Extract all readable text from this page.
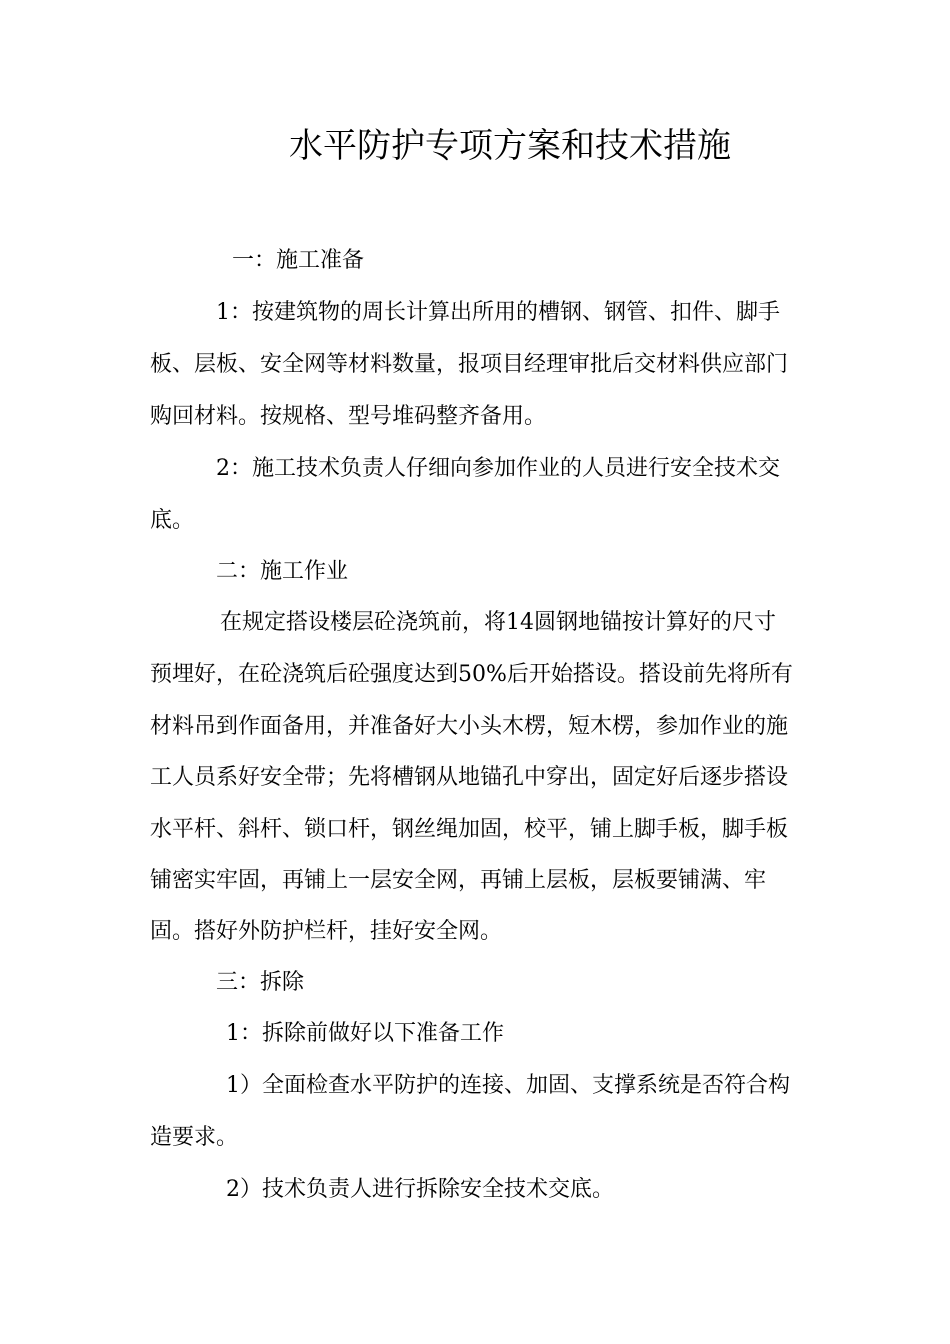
水平防护专项方案和技术措施
一：施工准备
1：按建筑物的周长计算出所用的槽钢、钢管、扣件、脚手
板、层板、安全网等材料数量，报项目经理审批后交材料供应部门
购回材料。按规格、型号堆码整齐备用。
2：施工技术负责人仔细向参加作业的人员进行安全技术交
底。
二：施工作业
在规定搭设楼层砼浇筑前，将14圆钢地锚按计算好的尺寸
预埋好，在砼浇筑后砼强度达到50%后开始搭设。搭设前先将所有
材料吊到作面备用，并准备好大小头木楞，短木楞，参加作业的施
工人员系好安全带；先将槽钢从地锚孔中穿出，固定好后逐步搭设
水平杆、斜杆、锁口杆，钢丝绳加固，校平，铺上脚手板，脚手板
铺密实牢固，再铺上一层安全网，再铺上层板，层板要铺满、牢
固。搭好外防护栏杆，挂好安全网。
三：拆除
1：拆除前做好以下准备工作
1）全面检查水平防护的连接、加固、支撑系统是否符合构
造要求。
2）技术负责人进行拆除安全技术交底。
